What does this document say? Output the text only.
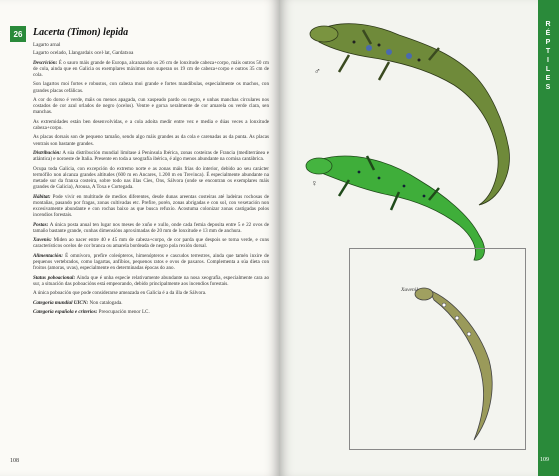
26	Lacerta (Timon) lepida

Lagarto arnal

Lagarto ocelado, Llangardaix ocel·lat, Gardatxoa

Descrición: É o sauro máis grande de Europa, alcanzando os 26 cm de lonxitude cabeza+corpo, máis outros 50 cm de cola, ainda que en Galicia os exemplares máximos non superan os 19 cm de cabeza+corpo e outros 35 cm de cola.

Son lagartos moi fortes e robustos, con cabeza moi grande e fortes mandíbulas, especialmente os machos, con grandes placas cefálicas.

A cor do dorso é verde, máis ou menos apagada, cun xaspeado pardo ou negro, e unhas manchas circulares nos costados de cor azul orlados de negro (ocelos). Ventre e gorxa xeralmente de cor amarela ou verde clara, sen manchas.

As extremidades están ben desenvolvidas, e a cola adoita medir entre vez e media e dúas veces a lonxitude cabeza+corpo.

As placas dorsais son de pequeno tamaño, sendo algo máis grandes as da cola e carenadas as da punta. As placas ventrais son bastante grandes.

Distribución: A súa distribución mundial limítase á Península Ibérica, zonas costeiras de Francia (mediterránea e atlántica) e noroeste de Italia. Presente en toda a xeografía ibérica, é algo menos abundante na cornisa cantábrica.

Ocupa toda Galicia, con excepción do extremo norte e as zonas máis frías do interior, debido ao seu carácter termófilo non alcanza grandes altitudes (600 m en Ancares, 1.200 m en Trevinca). É especialmente abundante na metade sur da franxa costeira, sobre todo nas illas Cíes, Ons, Sálvora (onde se encontran os exemplares máis grandes de Galicia), Arousa, A Toxa e Cortegada.

Hábitat: Pode vivir en multitude de medios diferentes, desde dunas areentas costeiras até ladeiras rochosas de montañas, pasando por fragas, zonas cultivadas etc. Prefire, porén, zonas abrigadas e con sol, con vexetación non excesivamente abundante e con rochas baixo as que busca refuxio. Acostuma colonizar zonas castigadas polos incendios forestais.

Postas: A única posta anual ten lugar nos meses de xuño e xullo, onde cada femia deposita entre 5 e 22 ovos de tamaño bastante grande, cunhas dimensións aproximadas de 20 mm de lonxitude e 13 mm de anchura.

Xuvenís: Miden ao nacer entre 40 e 45 mm de cabeza+corpo, de cor parda que despois se torna verde, e cuns característicos ocelos de cor branca ou amarela bordeada de negro pola rexión dorsal.

Alimentación: É omnívoro, prefire coleópteros, himenópteros e cascudos terrestres, ainda que tamén inxire de pequenos vertebrados, como lagartas, anfibios, pequenos ratos e ovos de paxaros. Complementa a súa dieta con froitos (amoras, uvas), especialmente en determinadas épocas do ano.

Status poboacional: Ainda que é unha especie relativamente abundante na nosa xeografía, especialmente cara ao sur, a situación das poboacións está empeorando, debido principalmente aos incendios forestais.

A única poboación que pode considerarse ameazada en Galicia é a da illa de Sálvora.

Categoría mundial UICN: Non catalogada.

Categoría española e criterios: Preocupación menor LC.

108
♂
♀
Xuvenil
R
É
P
T
I
L
E
S
109
